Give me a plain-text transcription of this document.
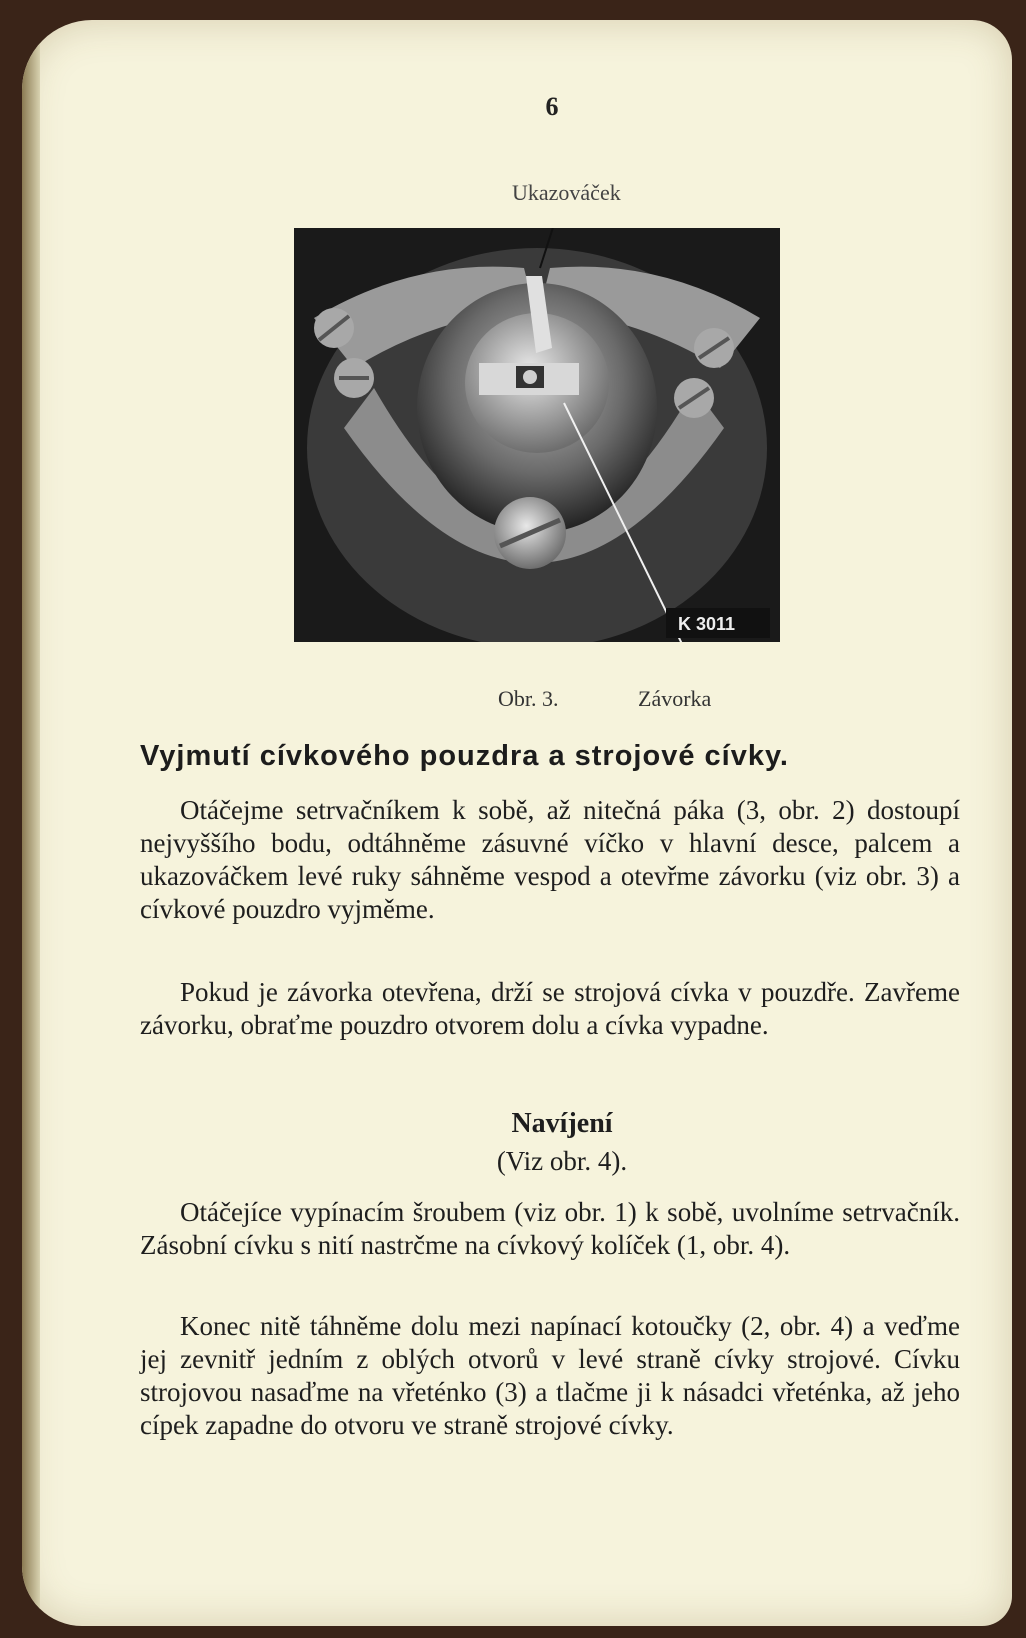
6
Ukazováček
K 3011
Obr. 3.	Závorka
Vyjmutí cívkového pouzdra a strojové cívky.

Otáčejme setrvačníkem k sobě, až nitečná páka (3, obr. 2) dostoupí nejvyššího bodu, odtáhněme zásuvné víčko v hlavní desce, palcem a ukazováčkem levé ruky sáhněme vespod a otevřme závorku (viz obr. 3) a cívkové pouzdro vyjměme.

Pokud je závorka otevřena, drží se strojová cívka v pouzdře. Zavřeme závorku, obraťme pouzdro otvorem dolu a cívka vypadne.

Navíjení
(Viz obr. 4).

Otáčejíce vypínacím šroubem (viz obr. 1) k sobě, uvolníme setrvačník. Zásobní cívku s nití nastrčme na cívkový kolíček (1, obr. 4).

Konec nitě táhněme dolu mezi napínací kotoučky (2, obr. 4) a veďme jej zevnitř jedním z oblých otvorů v levé straně cívky strojové. Cívku strojovou nasaďme na vřeténko (3) a tlačme ji k násadci vřeténka, až jeho cípek zapadne do otvoru ve straně strojové cívky.
